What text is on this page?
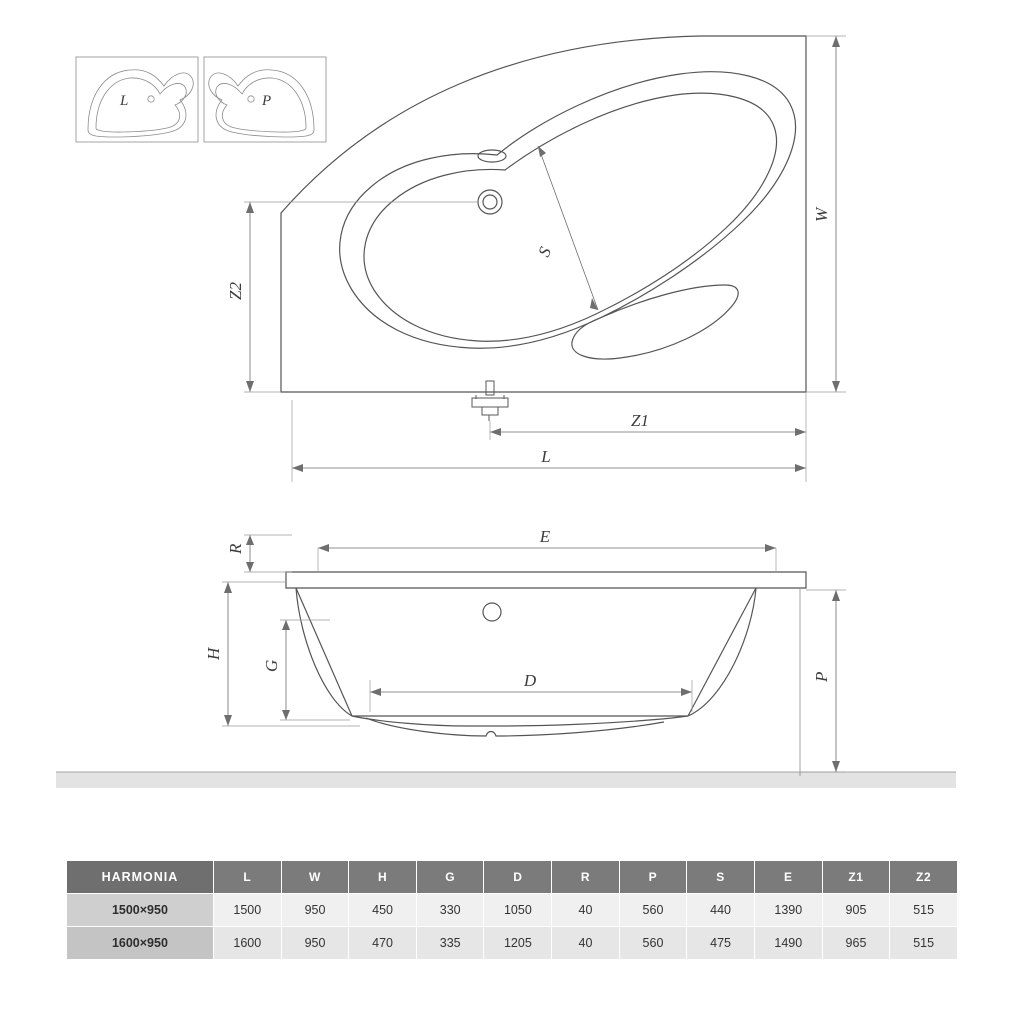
L	P
S
W
Z2
Z1
L
R
E
H
G
D	P
HARMONIA	L	W	H	G	D	R	P	S	E	Z1	Z2
1500×950	1500	950	450	330	1050	40	560	440	1390	905	515
1600×950	1600	950	470	335	1205	40	560	475	1490	965	515
